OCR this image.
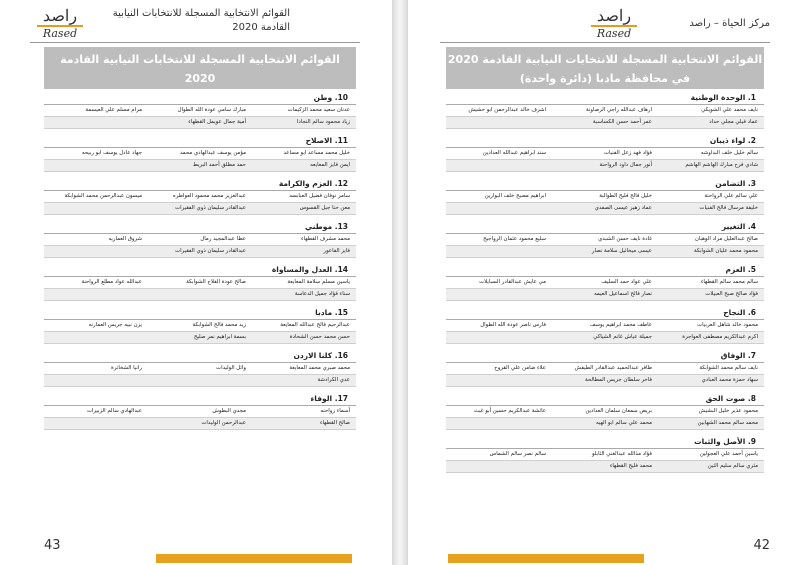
القوائم الانتخابية المسجلة للانتخابات النيابية
القادمة 2020
راصد
Rased
القوائم الانتخابية المسجلة للانتخابات النيابية القادمة 2020
في محافظة مادبا (دائرة واحدة)	10. وطن
عدنان سعيد محمد الزكيمات
مبارك سامي عودة الله الطوال
مرام مسلم علي العيسمة
زياد محمود سالم النجادا
أمية جمال عويمل القطهاء
11. الاصلاح
خليل محمد مساعد ابو مساعد
مؤمن يوسف عبدالهادي محمد
جهاد عادل يوسف ابو ربيحه
ايمن فايز المعايعه
حمد مطلق أحمد البريط
12. العزم والكرامة
سامر نوفان فضيل العبابسه
عبدالعزيز محمد محمود العواطره
ميسون عبدالرحمن محمد الشوابكة
معن حنا جبل القسوس
عبدالقادر سليمان ذوي الفقيرات
13. موطني
محمد مشرف القطهاء
عطا عبدالمجيد رمال
شروق العماريه
فايز الفاعور
عبدالقادر سليمان ذوي الفقيرات
14. العدل والمساواة
ياسين مسلم سلامة المعايعة
صالح عودة الفلاح الشوابكة
عبدالله عواد مطلع الرواحنة
سناء فؤاد جميل الدعاسة
15. مادبا
عبدالرحيم فالح عبدالله المعايعة
زيد محمد فالح الشوابكة
يزن نبيه جريس العمارنه
حسن محمد حسن الشحادة
بسمة ابراهيم نمر صليح
16. كلنا الاردن
محمد صبري محمد المعايعة
وائل الوليدات
رانيا الشخاترة
عدي الكرادشة
17. الوفاء
أسماء زواحنه
مجدي البطوش
عبدالهادي سالم الزبيرات
صالح القطهاء
عبدالرحمن الوليدات
43
مركز الحياة – راصد
راصد
Rased
القوائم الانتخابية المسجلة للانتخابات النيابية القادمة 2020
في محافظة مادبا (دائرة واحدة)
1. الوحدة الوطنية
نايف محمد علي الشويكي
ارهاف عبدالله راجي الرصاونة
اشرف خالد عبدالرحمن ابو حشيش
عماد فيلي مجلي حداد
عمر أحمد حسن الكساسبة
2. لواء ذيبان
سالم خليل خلف البداوشه
فؤاد فهد زعل الفنيات
سند ابراهيم عبدالله العدادين
شادي فرح مبارك الهاشم الهاشم
أنور جمال داود الرواحنة
3. التضامن
علي سالم علي الرواحنة
خليل فالح فليح الطوالبة
ابراهيم مصبح خلف البوارين
خليفة مرسال فالح الفنيات
عماد زهير عيسى الصفدي
4. التغيير
صالح عبدالعليل مراد الوهبان
غادة نايف حسن الشبدي
سليع محمود عثمان الرواجيح
محمود محمد عليان الشوابكة
عيسى ميخائيل سلامة نصار
5. العزم
سالم محمد سالم القطهاء
علي عواد حمد السليف
مي عايش عبدالقادر السبايلات
فؤاد صالح صبح العبيلات
نصار فالح اسماعيل العيمه
6. النجاح
محمود خالد شاهل العربيات
عاطف محمد ابراهيم يوسف
فارس ناصر عودة الله الطوال
اكرم عبدالكريم مصطفى العواجرة
جميلة عياش غانم الشياكي
7. الوفاق
نايف سالم محمد الشوابكة
ظافر عبدالحميد عبدالقادر الطيفش
علاء ضامن علي القروح
سهاد حمزة محمد العبادي
فاخر سلطان جريس المطالحة
8. صوت الحق
محمود عذير خليل البشيش
بريص سمعان سلمان العدادين
عائشة عبدالكريم حسين أبو غيث
محمد سالم محمد الشهابين
محمد علي سالم ابو الهيه
9. الأصل والثبات
ياسين أحمد علي العجولين
فؤاد مذالله عبدالغني الثابلو
سالم نصر سالم الشماس
مثري سالم سليم الثين
محمد فليح القطهاء
42
